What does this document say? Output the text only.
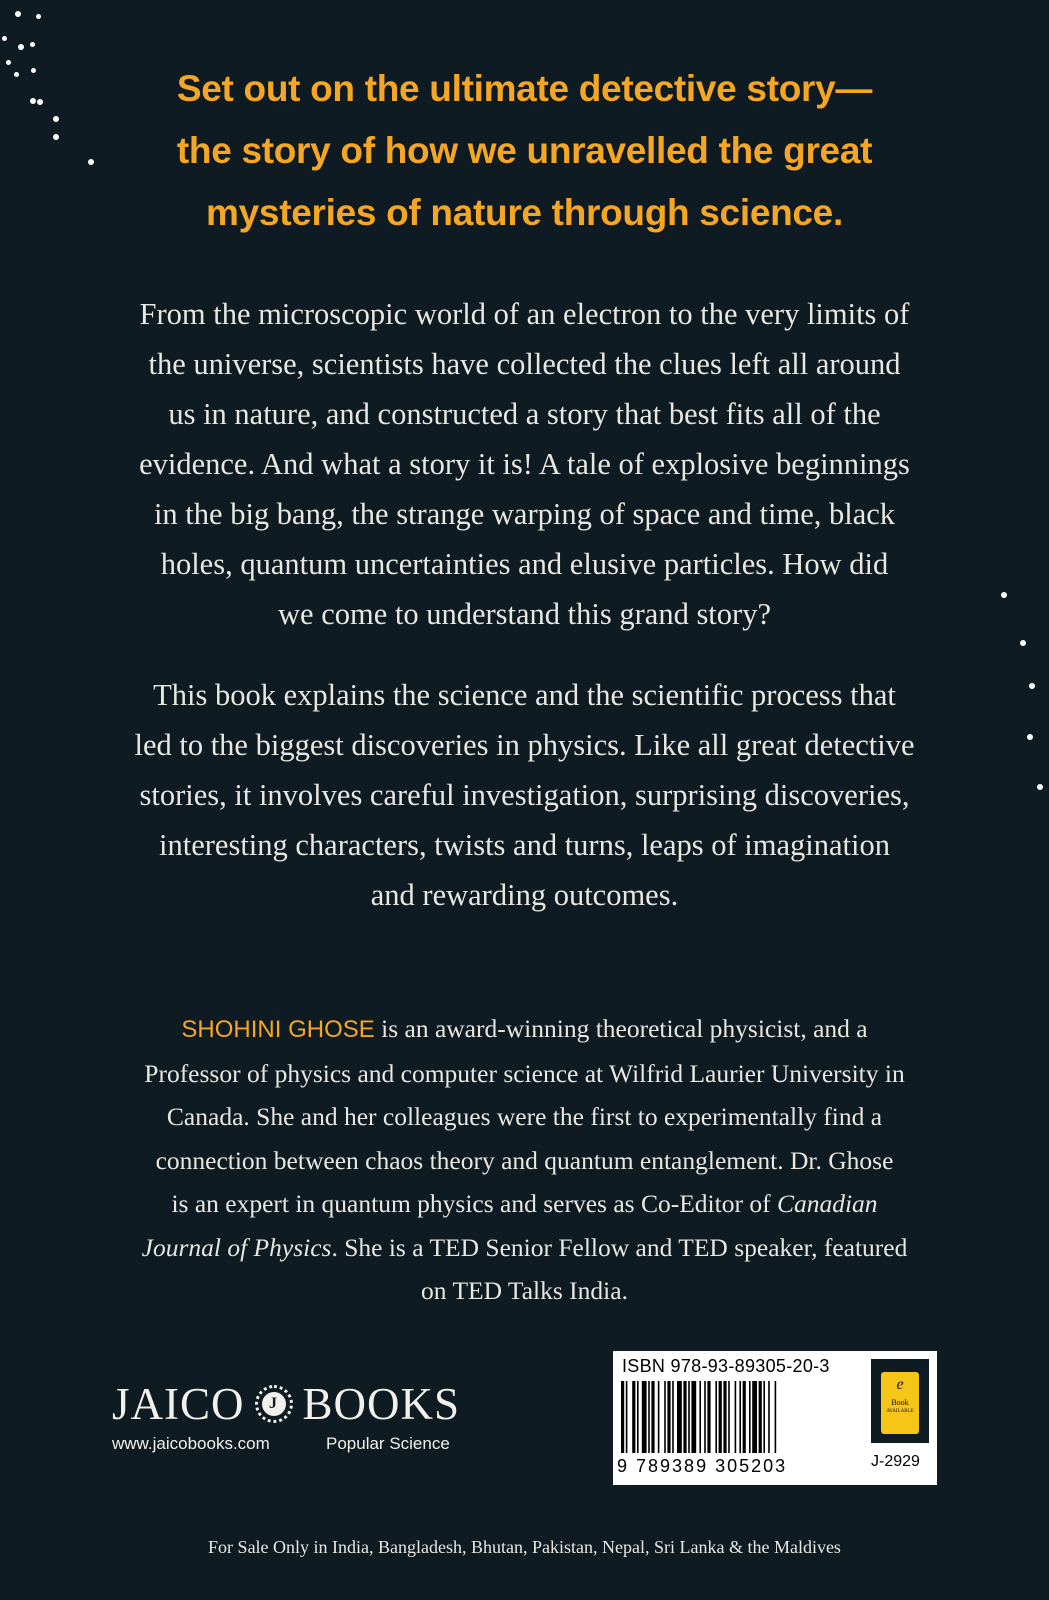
Set out on the ultimate detective story—
the story of how we unravelled the great
mysteries of nature through science.
From the microscopic world of an electron to the very limits of
the universe, scientists have collected the clues left all around
us in nature, and constructed a story that best fits all of the
evidence. And what a story it is! A tale of explosive beginnings
in the big bang, the strange warping of space and time, black
holes, quantum uncertainties and elusive particles. How did
we come to understand this grand story?
This book explains the science and the scientific process that
led to the biggest discoveries in physics. Like all great detective
stories, it involves careful investigation, surprising discoveries,
interesting characters, twists and turns, leaps of imagination
and rewarding outcomes.
SHOHINI GHOSE is an award-winning theoretical physicist, and a
Professor of physics and computer science at Wilfrid Laurier University in
Canada. She and her colleagues were the first to experimentally find a
connection between chaos theory and quantum entanglement. Dr. Ghose
is an expert in quantum physics and serves as Co-Editor of Canadian
Journal of Physics. She is a TED Senior Fellow and TED speaker, featured
on TED Talks India.
JAICO	J BOOKS
www.jaicobooks.com	Popular Science
ISBN 978-93-89305-20-3
9 789389 305203
e
Book
AVAILABLE
J-2929
For Sale Only in India, Bangladesh, Bhutan, Pakistan, Nepal, Sri Lanka & the Maldives
